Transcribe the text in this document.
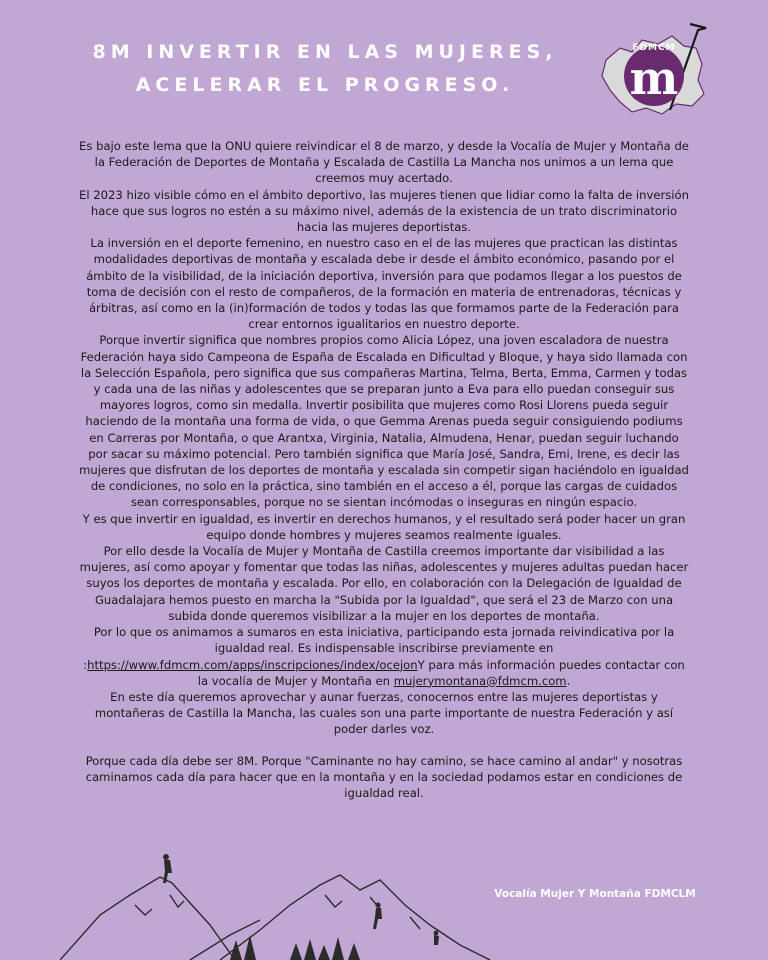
8M INVERTIR EN LAS MUJERES,
ACELERAR EL PROGRESO.
FDMCM
m

Es bajo este lema que la ONU quiere reivindicar el 8 de marzo, y desde la Vocalía de Mujer y Montaña de la Federación de Deportes de Montaña y Escalada de Castilla La Mancha nos unimos a un lema que creemos muy acertado.

El 2023 hizo visible cómo en el ámbito deportivo, las mujeres tienen que lidiar como la falta de inversión hace que sus logros no estén a su máximo nivel, además de la existencia de un trato discriminatorio hacia las mujeres deportistas.

La inversión en el deporte femenino, en nuestro caso en el de las mujeres que practican las distintas modalidades deportivas de montaña y escalada debe ir desde el ámbito económico, pasando por el ámbito de la visibilidad, de la iniciación deportiva, inversión para que podamos llegar a los puestos de toma de decisión con el resto de compañeros, de la formación en materia de entrenadoras, técnicas y árbitras, así como en la (in)formación de todos y todas las que formamos parte de la Federación para crear entornos igualitarios en nuestro deporte.

Porque invertir significa que nombres propios como Alicia López, una joven escaladora de nuestra Federación haya sido Campeona de España de Escalada en Dificultad y Bloque, y haya sido llamada con la Selección Española, pero significa que sus compañeras Martina, Telma, Berta, Emma, Carmen y todas y cada una de las niñas y adolescentes que se preparan junto a Eva para ello puedan conseguir sus mayores logros, como sin medalla. Invertir posibilita que mujeres como Rosi Llorens pueda seguir haciendo de la montaña una forma de vida, o que Gemma Arenas pueda seguir consiguiendo podiums en Carreras por Montaña, o que Arantxa, Virginia, Natalia, Almudena, Henar, puedan seguir luchando por sacar su máximo potencial. Pero también significa que María José, Sandra, Emi, Irene, es decir las mujeres que disfrutan de los deportes de montaña y escalada sin competir sigan haciéndolo en igualdad de condiciones, no solo en la práctica, sino también en el acceso a él, porque las cargas de cuidados sean corresponsables, porque no se sientan incómodas o inseguras en ningún espacio.

Y es que invertir en igualdad, es invertir en derechos humanos, y el resultado será poder hacer un gran equipo donde hombres y mujeres seamos realmente iguales.

Por ello desde la Vocalía de Mujer y Montaña de Castilla creemos importante dar visibilidad a las mujeres, así como apoyar y fomentar que todas las niñas, adolescentes y mujeres adultas puedan hacer suyos los deportes de montaña y escalada. Por ello, en colaboración con la Delegación de Igualdad de Guadalajara hemos puesto en marcha la "Subida por la Igualdad", que será el 23 de Marzo con una subida donde queremos visibilizar a la mujer en los deportes de montaña.

Por lo que os animamos a sumaros en esta iniciativa, participando esta jornada reivindicativa por la igualdad real. Es indispensable inscribirse previamente en :https://www.fdmcm.com/apps/inscripciones/index/ocejonY para más información puedes contactar con la vocalía de Mujer y Montaña en mujerymontana@fdmcm.com.

En este día queremos aprovechar y aunar fuerzas, conocernos entre las mujeres deportistas y montañeras de Castilla la Mancha, las cuales son una parte importante de nuestra Federación y así poder darles voz.

Porque cada día debe ser 8M. Porque "Caminante no hay camino, se hace camino al andar" y nosotras caminamos cada día para hacer que en la montaña y en la sociedad podamos estar en condiciones de igualdad real.

Vocalía Mujer Y Montaña FDMCLM
